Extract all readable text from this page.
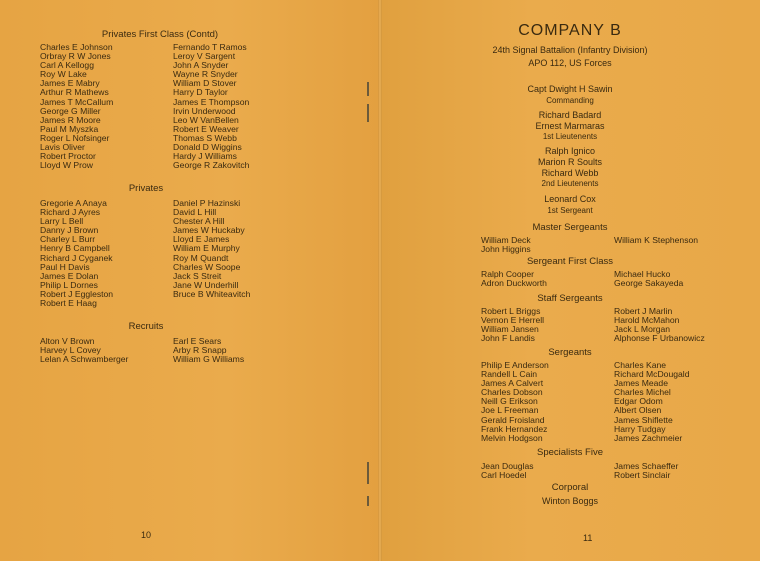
Privates First Class (Contd)
Charles E Johnson
Orbray R W Jones
Carl A Kellogg
Roy W Lake
James E Mabry
Arthur R Mathews
James T McCallum
George G Miller
James R Moore
Paul M Myszka
Roger L Nofsinger
Lavis Oliver
Robert Proctor
Lloyd W Prow
Fernando T Ramos
Leroy V Sargent
John A Snyder
Wayne R Snyder
William D Stover
Harry D Taylor
James E Thompson
Irvin Underwood
Leo W VanBellen
Robert E Weaver
Thomas S Webb
Donald D Wiggins
Hardy J Williams
George R Zakovitch
Privates
Gregorie A Anaya
Richard J Ayres
Larry L Bell
Danny J Brown
Charley L Burr
Henry B Campbell
Richard J Cyganek
Paul H Davis
James E Dolan
Philip L Dornes
Robert J Eggleston
Robert E Haag
Daniel P Hazinski
David L Hill
Chester A Hill
James W Huckaby
Lloyd E James
William E Murphy
Roy M Quandt
Charles W Soope
Jack S Streit
Jane W Underhill
Bruce B Whiteavitch
Recruits
Alton V Brown
Harvey L Covey
Lelan A Schwamberger
Earl E Sears
Arby R Snapp
William G Williams
10
COMPANY B
24th Signal Battalion (Infantry Division)
APO 112, US Forces
Capt Dwight H Sawin
Commanding
Richard Badard
Ernest Marmaras
1st Lieutenents
Ralph Ignico
Marion R Soults
Richard Webb
2nd Lieutenents
Leonard Cox
1st Sergeant
Master Sergeants
William Deck
John Higgins
William K Stephenson
Sergeant First Class
Ralph Cooper
Adron Duckworth
Michael Hucko
George Sakayeda
Staff Sergeants
Robert L Briggs
Vernon E Herrell
William Jansen
John F Landis
Robert J Marlin
Harold McMahon
Jack L Morgan
Alphonse F Urbanowicz
Sergeants
Philip E Anderson
Randell L Cain
James A Calvert
Charles Dobson
Neill G Erikson
Joe L Freeman
Gerald Froisland
Frank Hernandez
Melvin Hodgson
Charles Kane
Richard McDougald
James Meade
Charles Michel
Edgar Odom
Albert Olsen
James Shiflette
Harry Tudgay
James Zachmeier
Specialists Five
Jean Douglas
Carl Hoedel
James Schaeffer
Robert Sinclair
Corporal
Winton Boggs
11
